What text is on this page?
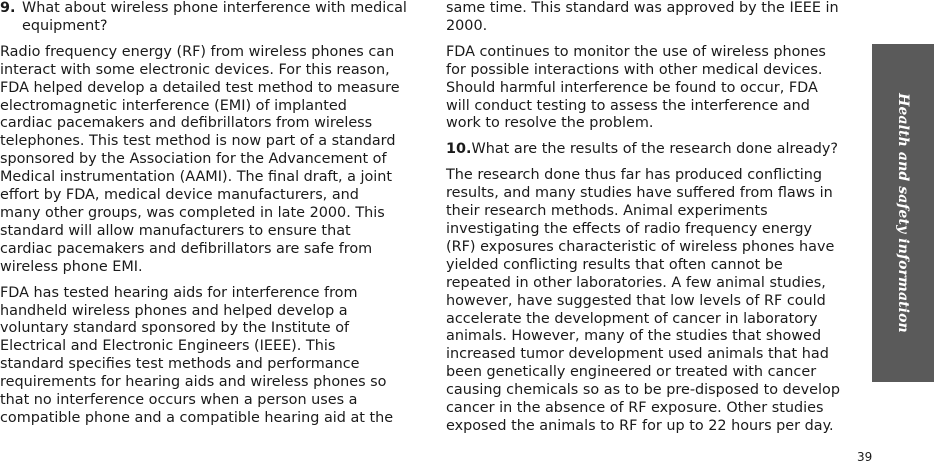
9. What about wireless phone interference with medical equipment?

Radio frequency energy (RF) from wireless phones can
interact with some electronic devices. For this reason,
FDA helped develop a detailed test method to measure
electromagnetic interference (EMI) of implanted
cardiac pacemakers and defibrillators from wireless
telephones. This test method is now part of a standard
sponsored by the Association for the Advancement of
Medical instrumentation (AAMI). The final draft, a joint
effort by FDA, medical device manufacturers, and
many other groups, was completed in late 2000. This
standard will allow manufacturers to ensure that
cardiac pacemakers and defibrillators are safe from
wireless phone EMI.

FDA has tested hearing aids for interference from
handheld wireless phones and helped develop a
voluntary standard sponsored by the Institute of
Electrical and Electronic Engineers (IEEE). This
standard specifies test methods and performance
requirements for hearing aids and wireless phones so
that no interference occurs when a person uses a
compatible phone and a compatible hearing aid at the

same time. This standard was approved by the IEEE in
2000.

FDA continues to monitor the use of wireless phones
for possible interactions with other medical devices.
Should harmful interference be found to occur, FDA
will conduct testing to assess the interference and
work to resolve the problem.

10. What are the results of the research done already?

The research done thus far has produced conflicting
results, and many studies have suffered from flaws in
their research methods. Animal experiments
investigating the effects of radio frequency energy
(RF) exposures characteristic of wireless phones have
yielded conflicting results that often cannot be
repeated in other laboratories. A few animal studies,
however, have suggested that low levels of RF could
accelerate the development of cancer in laboratory
animals. However, many of the studies that showed
increased tumor development used animals that had
been genetically engineered or treated with cancer
causing chemicals so as to be pre-disposed to develop
cancer in the absence of RF exposure. Other studies
exposed the animals to RF for up to 22 hours per day.

Health and safety information
39
